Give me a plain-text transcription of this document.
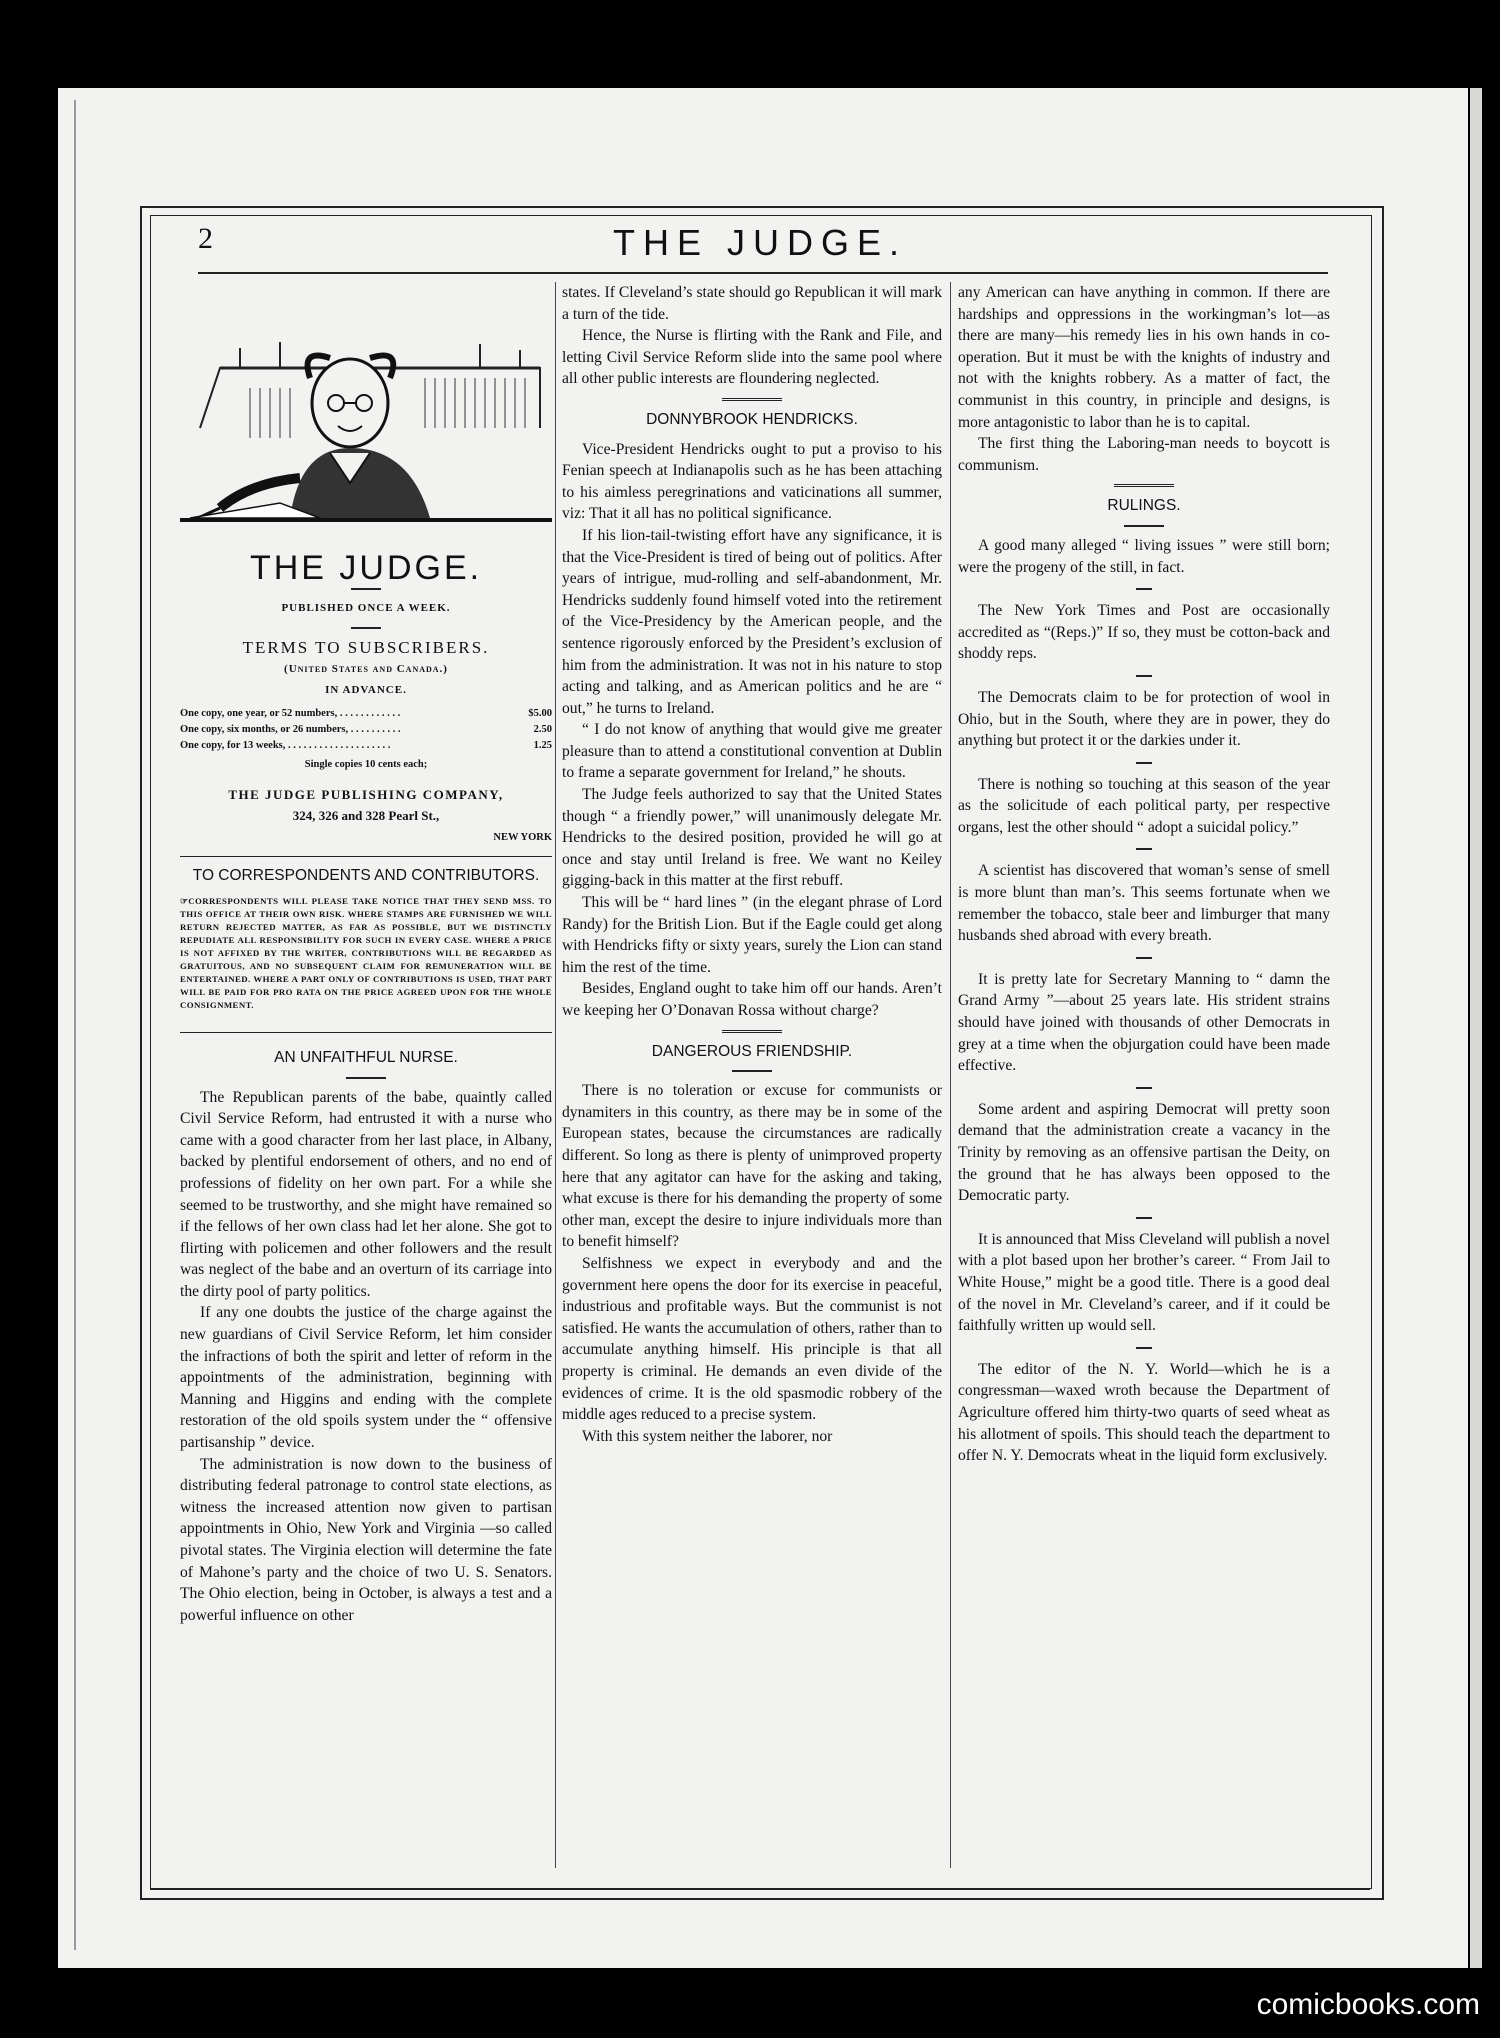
2	THE JUDGE.
THE JUDGE.
PUBLISHED ONCE A WEEK.
TERMS TO SUBSCRIBERS.
(United States and Canada.)
IN ADVANCE.
One copy, one year, or 52 numbers, . . . . . . . . . . . .	$5.00
One copy, six months, or 26 numbers, . . . . . . . . . .	2.50
One copy, for 13 weeks, . . . . . . . . . . . . . . . . . . . .	1.25
Single copies 10 cents each;
THE JUDGE PUBLISHING COMPANY,
324, 326 and 328 Pearl St.,
NEW YORK
TO CORRESPONDENTS AND CONTRIBUTORS.
☞CORRESPONDENTS WILL PLEASE TAKE NOTICE THAT THEY SEND MSS. TO THIS OFFICE AT THEIR OWN RISK. WHERE STAMPS ARE FURNISHED WE WILL RETURN REJECTED MATTER, AS FAR AS POSSIBLE, BUT WE DISTINCTLY REPUDIATE ALL RESPONSIBILITY FOR SUCH IN EVERY CASE. WHERE A PRICE IS NOT AFFIXED BY THE WRITER, CONTRIBUTIONS WILL BE REGARDED AS GRATUITOUS, AND NO SUBSEQUENT CLAIM FOR REMUNERATION WILL BE ENTERTAINED. WHERE A PART ONLY OF CONTRIBUTIONS IS USED, THAT PART WILL BE PAID FOR PRO RATA ON THE PRICE AGREED UPON FOR THE WHOLE CONSIGNMENT.
AN UNFAITHFUL NURSE.

The Republican parents of the babe, quaintly called Civil Service Reform, had entrusted it with a nurse who came with a good character from her last place, in Albany, backed by plentiful endorsement of others, and no end of professions of fidelity on her own part. For a while she seemed to be trustworthy, and she might have remained so if the fellows of her own class had let her alone. She got to flirting with policemen and other followers and the result was neglect of the babe and an overturn of its carriage into the dirty pool of party politics.

If any one doubts the justice of the charge against the new guardians of Civil Service Reform, let him consider the infractions of both the spirit and letter of reform in the appointments of the administration, beginning with Manning and Higgins and ending with the complete restoration of the old spoils system under the “ offensive partisanship ” device.

The administration is now down to the business of distributing federal patronage to control state elections, as witness the increased attention now given to partisan appointments in Ohio, New York and Virginia —so called pivotal states. The Virginia election will determine the fate of Mahone’s party and the choice of two U. S. Senators. The Ohio election, being in October, is always a test and a powerful influence on other

states. If Cleveland’s state should go Republican it will mark a turn of the tide.

Hence, the Nurse is flirting with the Rank and File, and letting Civil Service Reform slide into the same pool where all other public interests are floundering neglected.

DONNYBROOK HENDRICKS.

Vice-President Hendricks ought to put a proviso to his Fenian speech at Indianapolis such as he has been attaching to his aimless peregrinations and vaticinations all summer, viz: That it all has no political significance.

If his lion-tail-twisting effort have any significance, it is that the Vice-President is tired of being out of politics. After years of intrigue, mud-rolling and self-abandonment, Mr. Hendricks suddenly found himself voted into the retirement of the Vice-Presidency by the American people, and the sentence rigorously enforced by the President’s exclusion of him from the administration. It was not in his nature to stop acting and talking, and as American politics and he are “ out,” he turns to Ireland.

“ I do not know of anything that would give me greater pleasure than to attend a constitutional convention at Dublin to frame a separate government for Ireland,” he shouts.

The Judge feels authorized to say that the United States though “ a friendly power,” will unanimously delegate Mr. Hendricks to the desired position, provided he will go at once and stay until Ireland is free. We want no Keiley gigging-back in this matter at the first rebuff.

This will be “ hard lines ” (in the elegant phrase of Lord Randy) for the British Lion. But if the Eagle could get along with Hendricks fifty or sixty years, surely the Lion can stand him the rest of the time.

Besides, England ought to take him off our hands. Aren’t we keeping her O’Donavan Rossa without charge?

DANGEROUS FRIENDSHIP.

There is no toleration or excuse for communists or dynamiters in this country, as there may be in some of the European states, because the circumstances are radically different. So long as there is plenty of unimproved property here that any agitator can have for the asking and taking, what excuse is there for his demanding the property of some other man, except the desire to injure individuals more than to benefit himself?

Selfishness we expect in everybody and and the government here opens the door for its exercise in peaceful, industrious and profitable ways. But the communist is not satisfied. He wants the accumulation of others, rather than to accumulate anything himself. His principle is that all property is criminal. He demands an even divide of the evidences of crime. It is the old spasmodic robbery of the middle ages reduced to a precise system.

With this system neither the laborer, nor

any American can have anything in common. If there are hardships and oppressions in the workingman’s lot—as there are many—his remedy lies in his own hands in co-operation. But it must be with the knights of industry and not with the knights robbery. As a matter of fact, the communist in this country, in principle and designs, is more antagonistic to labor than he is to capital.

The first thing the Laboring-man needs to boycott is communism.

RULINGS.

A good many alleged “ living issues ” were still born; were the progeny of the still, in fact.

The New York Times and Post are occasionally accredited as “(Reps.)” If so, they must be cotton-back and shoddy reps.

The Democrats claim to be for protection of wool in Ohio, but in the South, where they are in power, they do anything but protect it or the darkies under it.

There is nothing so touching at this season of the year as the solicitude of each political party, per respective organs, lest the other should “ adopt a suicidal policy.”

A scientist has discovered that woman’s sense of smell is more blunt than man’s. This seems fortunate when we remember the tobacco, stale beer and limburger that many husbands shed abroad with every breath.

It is pretty late for Secretary Manning to “ damn the Grand Army ”—about 25 years late. His strident strains should have joined with thousands of other Democrats in grey at a time when the objurgation could have been made effective.

Some ardent and aspiring Democrat will pretty soon demand that the administration create a vacancy in the Trinity by removing as an offensive partisan the Deity, on the ground that he has always been opposed to the Democratic party.

It is announced that Miss Cleveland will publish a novel with a plot based upon her brother’s career. “ From Jail to White House,” might be a good title. There is a good deal of the novel in Mr. Cleveland’s career, and if it could be faithfully written up would sell.

The editor of the N. Y. World—which he is a congressman—waxed wroth because the Department of Agriculture offered him thirty-two quarts of seed wheat as his allotment of spoils. This should teach the department to offer N. Y. Democrats wheat in the liquid form exclusively.

comicbooks.com
